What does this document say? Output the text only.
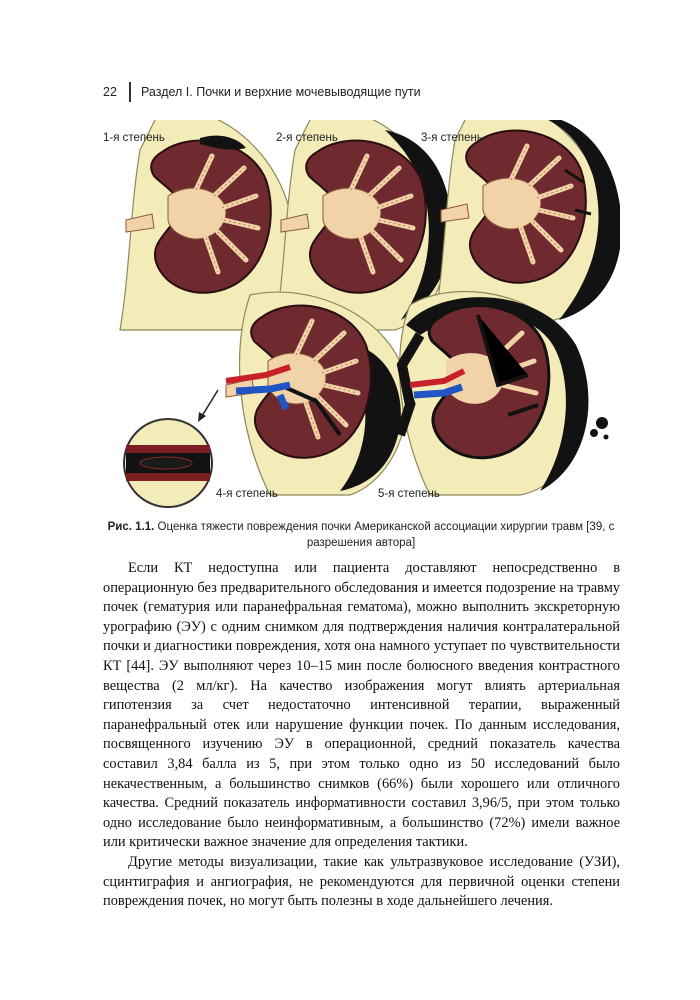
22 Раздел I. Почки и верхние мочевыводящие пути
1-я степень	2-я степень	3-я степень
4-я степень	5-я степень
Рис. 1.1. Оценка тяжести повреждения почки Американской ассоциации хирургии травм [39, с разрешения автора]

Если КТ недоступна или пациента доставляют непосредственно в операционную без предварительного обследования и имеется подозрение на травму почек (гематурия или паранефральная гематома), можно выполнить экскреторную урографию (ЭУ) с одним снимком для подтверждения наличия контралатеральной почки и диагностики повреждения, хотя она намного уступает по чувствительности КТ [44]. ЭУ выполняют через 10–15 мин после болюсного введения контрастного вещества (2 мл/кг). На качество изображения могут влиять артериальная гипотензия за счет недостаточно интенсивной терапии, выраженный паранефральный отек или нарушение функции почек. По данным исследования, посвященного изучению ЭУ в операционной, средний показатель качества составил 3,84 балла из 5, при этом только одно из 50 исследований было некачественным, а большинство снимков (66%) были хорошего или отличного качества. Средний показатель информативности составил 3,96/5, при этом только одно исследование было неинформативным, а большинство (72%) имели важное или критически важное значение для определения тактики.

Другие методы визуализации, такие как ультразвуковое исследование (УЗИ), сцинтиграфия и ангиография, не рекомендуются для первичной оценки степени повреждения почек, но могут быть полезны в ходе дальнейшего лечения.
